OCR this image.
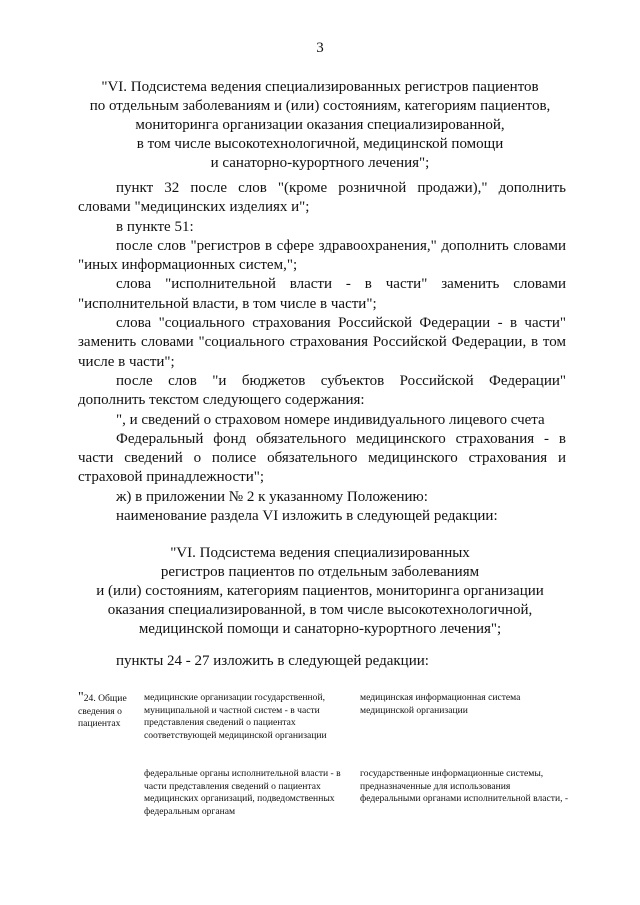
3
"VI. Подсистема ведения специализированных регистров пациентов
по отдельным заболеваниям и (или) состояниям, категориям пациентов,
мониторинга организации оказания специализированной,
в том числе высокотехнологичной, медицинской помощи
и санаторно-курортного лечения";

пункт 32 после слов "(кроме розничной продажи)," дополнить словами "медицинских изделиях и";

в пункте 51:

после слов "регистров в сфере здравоохранения," дополнить словами "иных информационных систем,";

слова "исполнительной власти - в части" заменить словами "исполнительной власти, в том числе в части";

слова "социального страхования Российской Федерации - в части" заменить словами "социального страхования Российской Федерации, в том числе в части";

после слов "и бюджетов субъектов Российской Федерации" дополнить текстом следующего содержания:

", и сведений о страховом номере индивидуального лицевого счета

Федеральный фонд обязательного медицинского страхования - в части сведений о полисе обязательного медицинского страхования и страховой принадлежности";

ж) в приложении № 2 к указанному Положению:

наименование раздела VI изложить в следующей редакции:

"VI. Подсистема ведения специализированных
регистров пациентов по отдельным заболеваниям
и (или) состояниям, категориям пациентов, мониторинга организации
оказания специализированной, в том числе высокотехнологичной,
медицинской помощи и санаторно-курортного лечения";

пункты 24 - 27 изложить в следующей редакции:

"24. Общие сведения о пациентах
медицинские организации государственной, муниципальной и частной систем - в части представления сведений о пациентах соответствующей медицинской организации
медицинская информационная система медицинской организации
федеральные органы исполнительной власти - в части представления сведений о пациентах медицинских организаций, подведомственных федеральным органам
государственные информационные системы, предназначенные для использования федеральными органами исполнительной власти, -
